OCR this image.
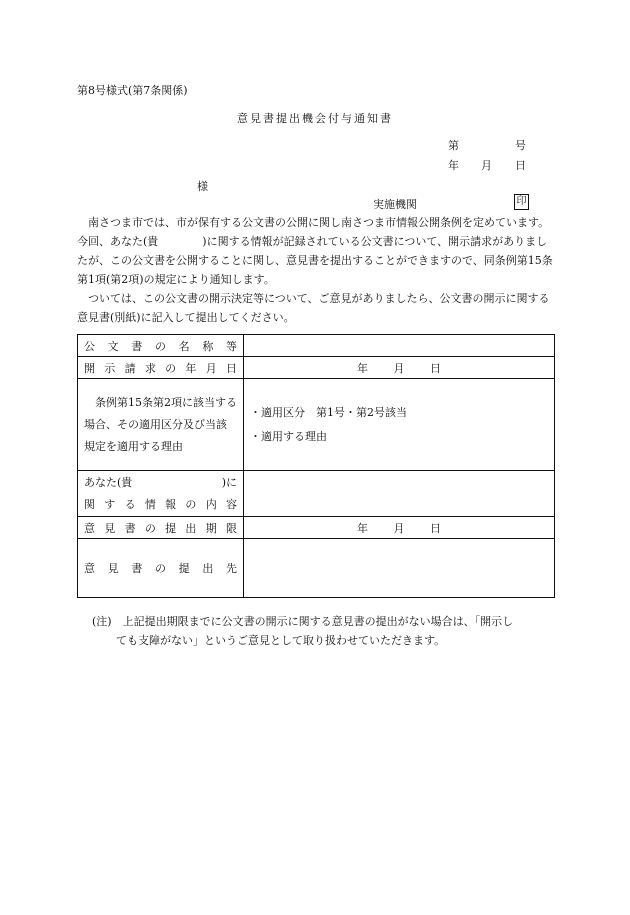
第8号様式(第7条関係)
意見書提出機会付与通知書
第	号
年 月 日
様
実施機関	印
南さつま市では、市が保有する公文書の公開に関し南さつま市情報公開条例を定めています。今回、あなた(貴　　　　)に関する情報が記録されている公文書について、開示請求がありましたが、この公文書を公開することに関し、意見書を提出することができますので、同条例第15条第1項(第2項)の規定により通知します。
ついては、この公文書の開示決定等について、ご意見がありましたら、公文書の開示に関する意見書(別紙)に記入して提出してください。
公文書の名称等	
開示請求の年月日	年 月 日

条例第15条第2項に該当する場合、その適用区分及び当該規定を適用する理由	・適用区分　第1号・第2号該当
・適用する理由

あなた(貴 )に
関する情報の内容	

意見書の提出期限	年 月 日
意見書の提出先	
(注)　上記提出期限までに公文書の開示に関する意見書の提出がない場合は、「開示し
ても支障がない」というご意見として取り扱わせていただきます。
